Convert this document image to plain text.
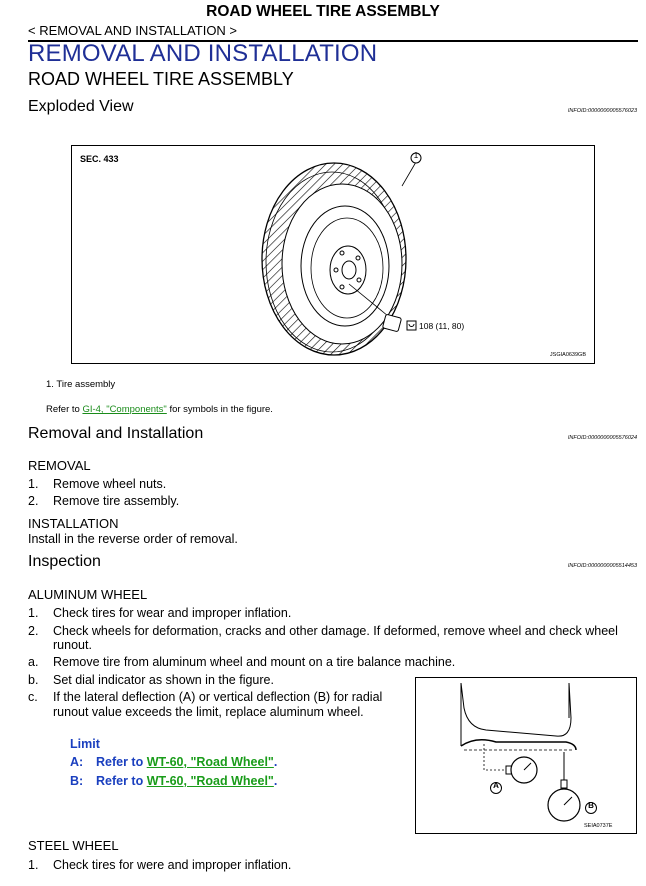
ROAD WHEEL TIRE ASSEMBLY
< REMOVAL AND INSTALLATION >
REMOVAL AND INSTALLATION
ROAD WHEEL TIRE ASSEMBLY
Exploded View	INFOID:0000000005576023
SEC. 433	1
108 (11, 80)
JSGIA0639GB
1. Tire assembly
Refer to GI-4, "Components" for symbols in the figure.
Removal and Installation	INFOID:0000000005576024
REMOVAL
1. Remove wheel nuts.
2. Remove tire assembly.
INSTALLATION
Install in the reverse order of removal.
Inspection	INFOID:0000000005514453
ALUMINUM WHEEL
1. Check tires for wear and improper inflation.
2. Check wheels for deformation, cracks and other damage. If deformed, remove wheel and check wheel
runout.
a. Remove tire from aluminum wheel and mount on a tire balance machine.
b. Set dial indicator as shown in the figure.
c. If the lateral deflection (A) or vertical deflection (B) for radial
runout value exceeds the limit, replace aluminum wheel.
Limit
A: Refer to WT-60, "Road Wheel".
B: Refer to WT-60, "Road Wheel".	A
B
SEIA0737E
STEEL WHEEL
1. Check tires for were and improper inflation.
